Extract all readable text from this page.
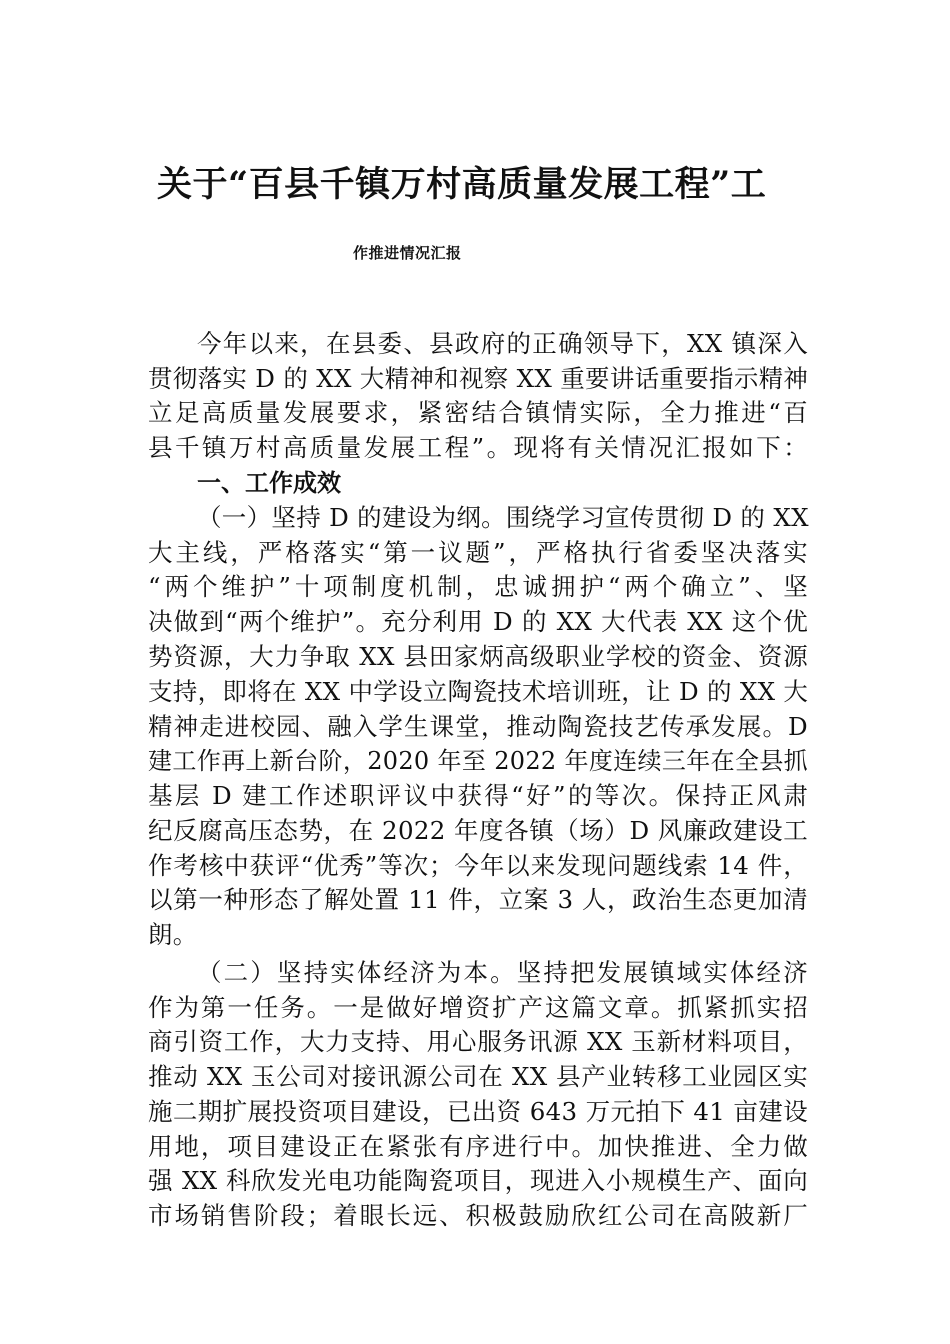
关于“百县千镇万村高质量发展工程”工
作推进情况汇报
今年以来，在县委、县政府的正确领导下，XX 镇深入
贯彻落实 D 的 XX 大精神和视察 XX 重要讲话重要指示精神
立足高质量发展要求，紧密结合镇情实际，全力推进“百
县千镇万村高质量发展工程”。现将有关情况汇报如下：
一、工作成效
（一）坚持 D 的建设为纲。围绕学习宣传贯彻 D 的 XX
大主线，严格落实“第一议题”，严格执行省委坚决落实
“两个维护”十项制度机制，忠诚拥护“两个确立”、坚
决做到“两个维护”。充分利用 D 的 XX 大代表 XX 这个优
势资源，大力争取 XX 县田家炳高级职业学校的资金、资源
支持，即将在 XX 中学设立陶瓷技术培训班，让 D 的 XX 大
精神走进校园、融入学生课堂，推动陶瓷技艺传承发展。D
建工作再上新台阶，2020 年至 2022 年度连续三年在全县抓
基层 D 建工作述职评议中获得“好”的等次。保持正风肃
纪反腐高压态势，在 2022 年度各镇（场）D 风廉政建设工
作考核中获评“优秀”等次；今年以来发现问题线索 14 件，
以第一种形态了解处置 11 件，立案 3 人，政治生态更加清
朗。
（二）坚持实体经济为本。坚持把发展镇域实体经济
作为第一任务。一是做好增资扩产这篇文章。抓紧抓实招
商引资工作，大力支持、用心服务讯源 XX 玉新材料项目，
推动 XX 玉公司对接讯源公司在 XX 县产业转移工业园区实
施二期扩展投资项目建设，已出资 643 万元拍下 41 亩建设
用地，项目建设正在紧张有序进行中。加快推进、全力做
强 XX 科欣发光电功能陶瓷项目，现进入小规模生产、面向
市场销售阶段；着眼长远、积极鼓励欣红公司在高陂新厂
